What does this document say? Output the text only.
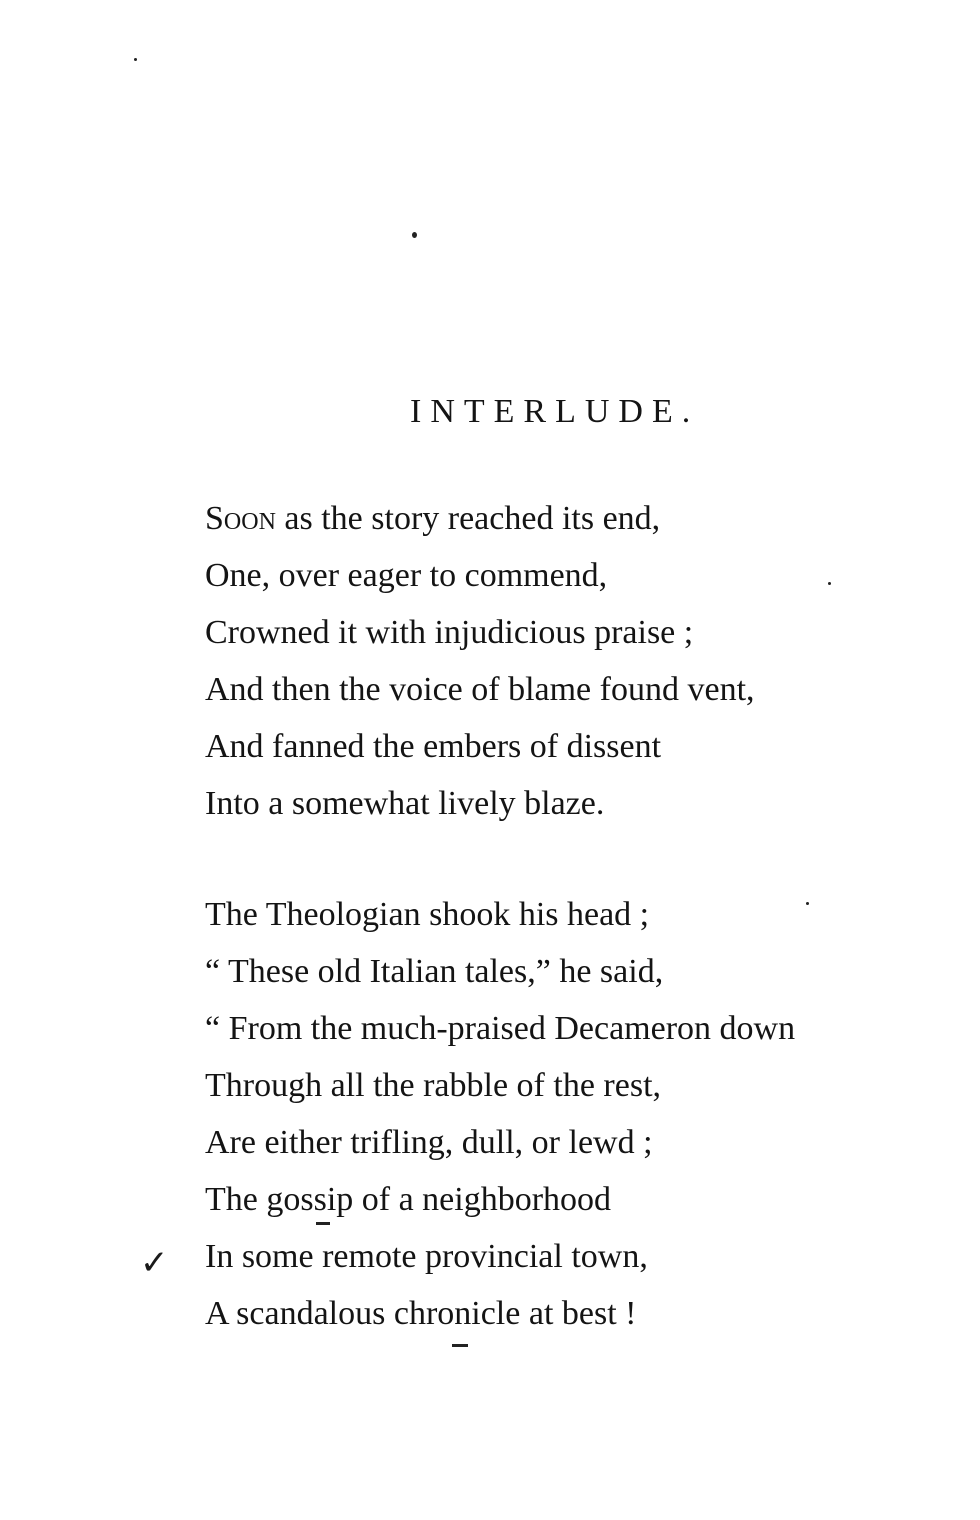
INTERLUDE.
Soon as the story reached its end,
One, over eager to commend,
Crowned it with injudicious praise ;
And then the voice of blame found vent,
And fanned the embers of dissent
Into a somewhat lively blaze.
The Theologian shook his head ;
“ These old Italian tales,” he said,
“ From the much-praised Decameron down
Through all the rabble of the rest,
Are either trifling, dull, or lewd ;
The gossip of a neighborhood
In some remote provincial town,
A scandalous chronicle at best !
✓
